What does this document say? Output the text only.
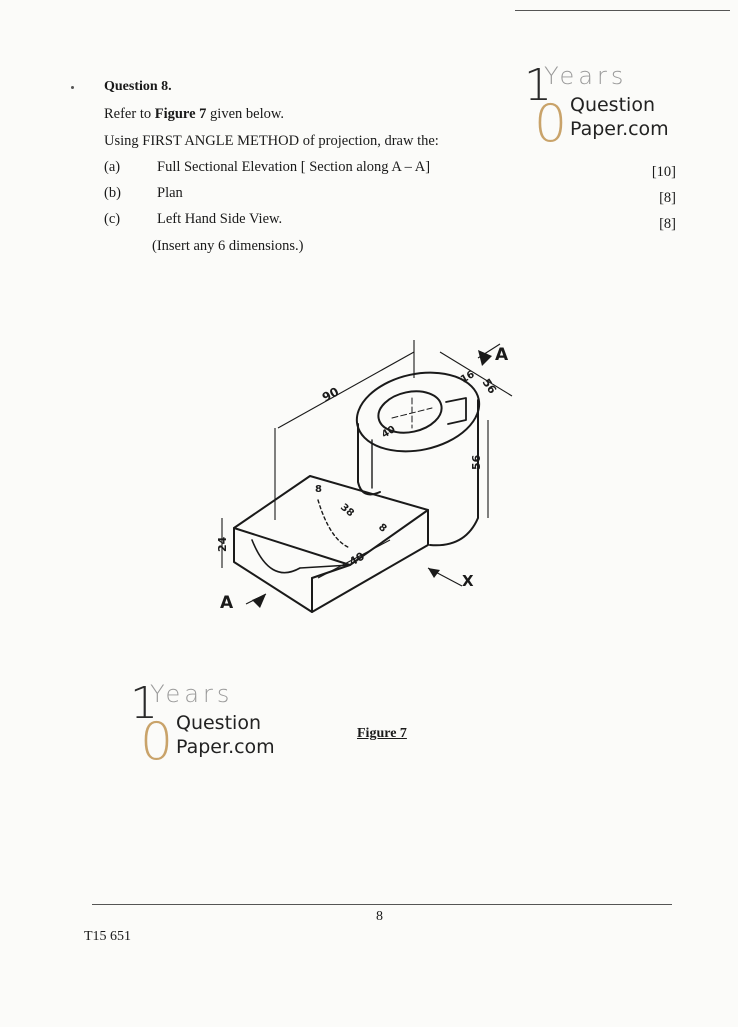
Question 8.
Refer to Figure 7 given below.
Using FIRST ANGLE METHOD of projection, draw the:
(a)	Full Sectional Elevation [ Section along A – A]	[10]
(b) Plan	[8]
(c)	Left Hand Side View.	[8]
(Insert any 6 dimensions.)
1
Years
Question
0 Paper.com
1
Years
Question
0 Paper.com
A
A
X
90	56
56
24
40
38
40
16
8
8
Figure 7
8
T15 651
